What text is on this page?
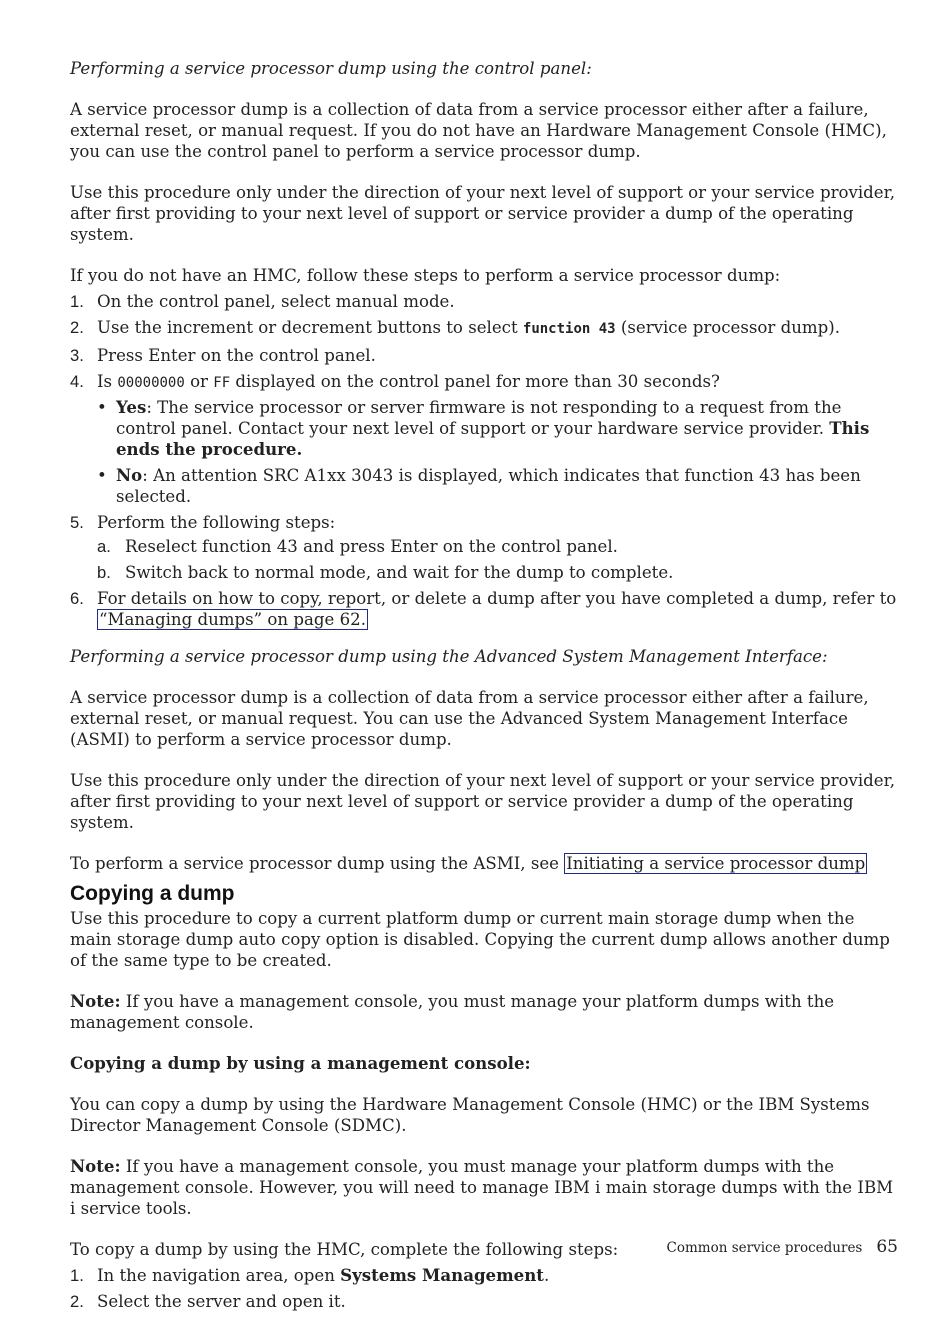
Performing a service processor dump using the control panel:

A service processor dump is a collection of data from a service processor either after a failure, external reset, or manual request. If you do not have an Hardware Management Console (HMC), you can use the control panel to perform a service processor dump.

Use this procedure only under the direction of your next level of support or your service provider, after first providing to your next level of support or service provider a dump of the operating system.

If you do not have an HMC, follow these steps to perform a service processor dump:

1. On the control panel, select manual mode.
2. Use the increment or decrement buttons to select function 43 (service processor dump).
3. Press Enter on the control panel.
4. Is 00000000 or FF displayed on the control panel for more than 30 seconds?
• Yes: The service processor or server firmware is not responding to a request from the control panel. Contact your next level of support or your hardware service provider. This ends the procedure.
• No: An attention SRC A1xx 3043 is displayed, which indicates that function 43 has been selected.
5. Perform the following steps:
a. Reselect function 43 and press Enter on the control panel.
b. Switch back to normal mode, and wait for the dump to complete.
6. For details on how to copy, report, or delete a dump after you have completed a dump, refer to “Managing dumps” on page 62.

Performing a service processor dump using the Advanced System Management Interface:

A service processor dump is a collection of data from a service processor either after a failure, external reset, or manual request. You can use the Advanced System Management Interface (ASMI) to perform a service processor dump.

Use this procedure only under the direction of your next level of support or your service provider, after first providing to your next level of support or service provider a dump of the operating system.

To perform a service processor dump using the ASMI, see Initiating a service processor dump

Copying a dump

Use this procedure to copy a current platform dump or current main storage dump when the main storage dump auto copy option is disabled. Copying the current dump allows another dump of the same type to be created.

Note: If you have a management console, you must manage your platform dumps with the management console.

Copying a dump by using a management console:

You can copy a dump by using the Hardware Management Console (HMC) or the IBM Systems Director Management Console (SDMC).

Note: If you have a management console, you must manage your platform dumps with the management console. However, you will need to manage IBM i main storage dumps with the IBM i service tools.

To copy a dump by using the HMC, complete the following steps:

1. In the navigation area, open Systems Management.
2. Select the server and open it.
Common service procedures 65
